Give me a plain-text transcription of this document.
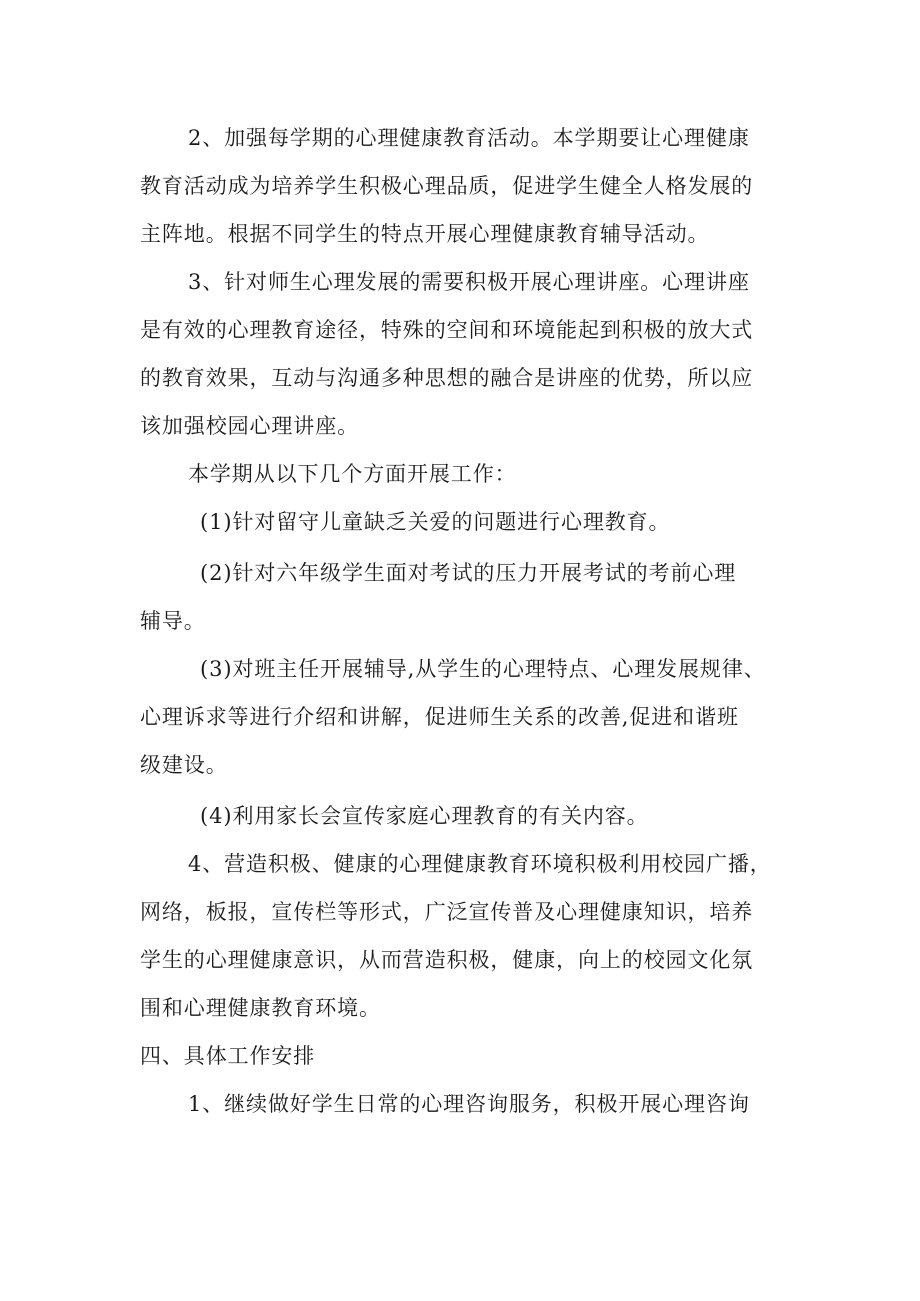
2、加强每学期的心理健康教育活动。本学期要让心理健康
教育活动成为培养学生积极心理品质，促进学生健全人格发展的
主阵地。根据不同学生的特点开展心理健康教育辅导活动。
3、针对师生心理发展的需要积极开展心理讲座。心理讲座
是有效的心理教育途径，特殊的空间和环境能起到积极的放大式
的教育效果，互动与沟通多种思想的融合是讲座的优势，所以应
该加强校园心理讲座。
本学期从以下几个方面开展工作：
(1)针对留守儿童缺乏关爱的问题进行心理教育。
(2)针对六年级学生面对考试的压力开展考试的考前心理
辅导。
(3)对班主任开展辅导,从学生的心理特点、心理发展规律、
心理诉求等进行介绍和讲解，促进师生关系的改善,促进和谐班
级建设。
(4)利用家长会宣传家庭心理教育的有关内容。
4、营造积极、健康的心理健康教育环境积极利用校园广播，
网络，板报，宣传栏等形式，广泛宣传普及心理健康知识，培养
学生的心理健康意识，从而营造积极，健康，向上的校园文化氛
围和心理健康教育环境。
四、具体工作安排
1、继续做好学生日常的心理咨询服务，积极开展心理咨询
